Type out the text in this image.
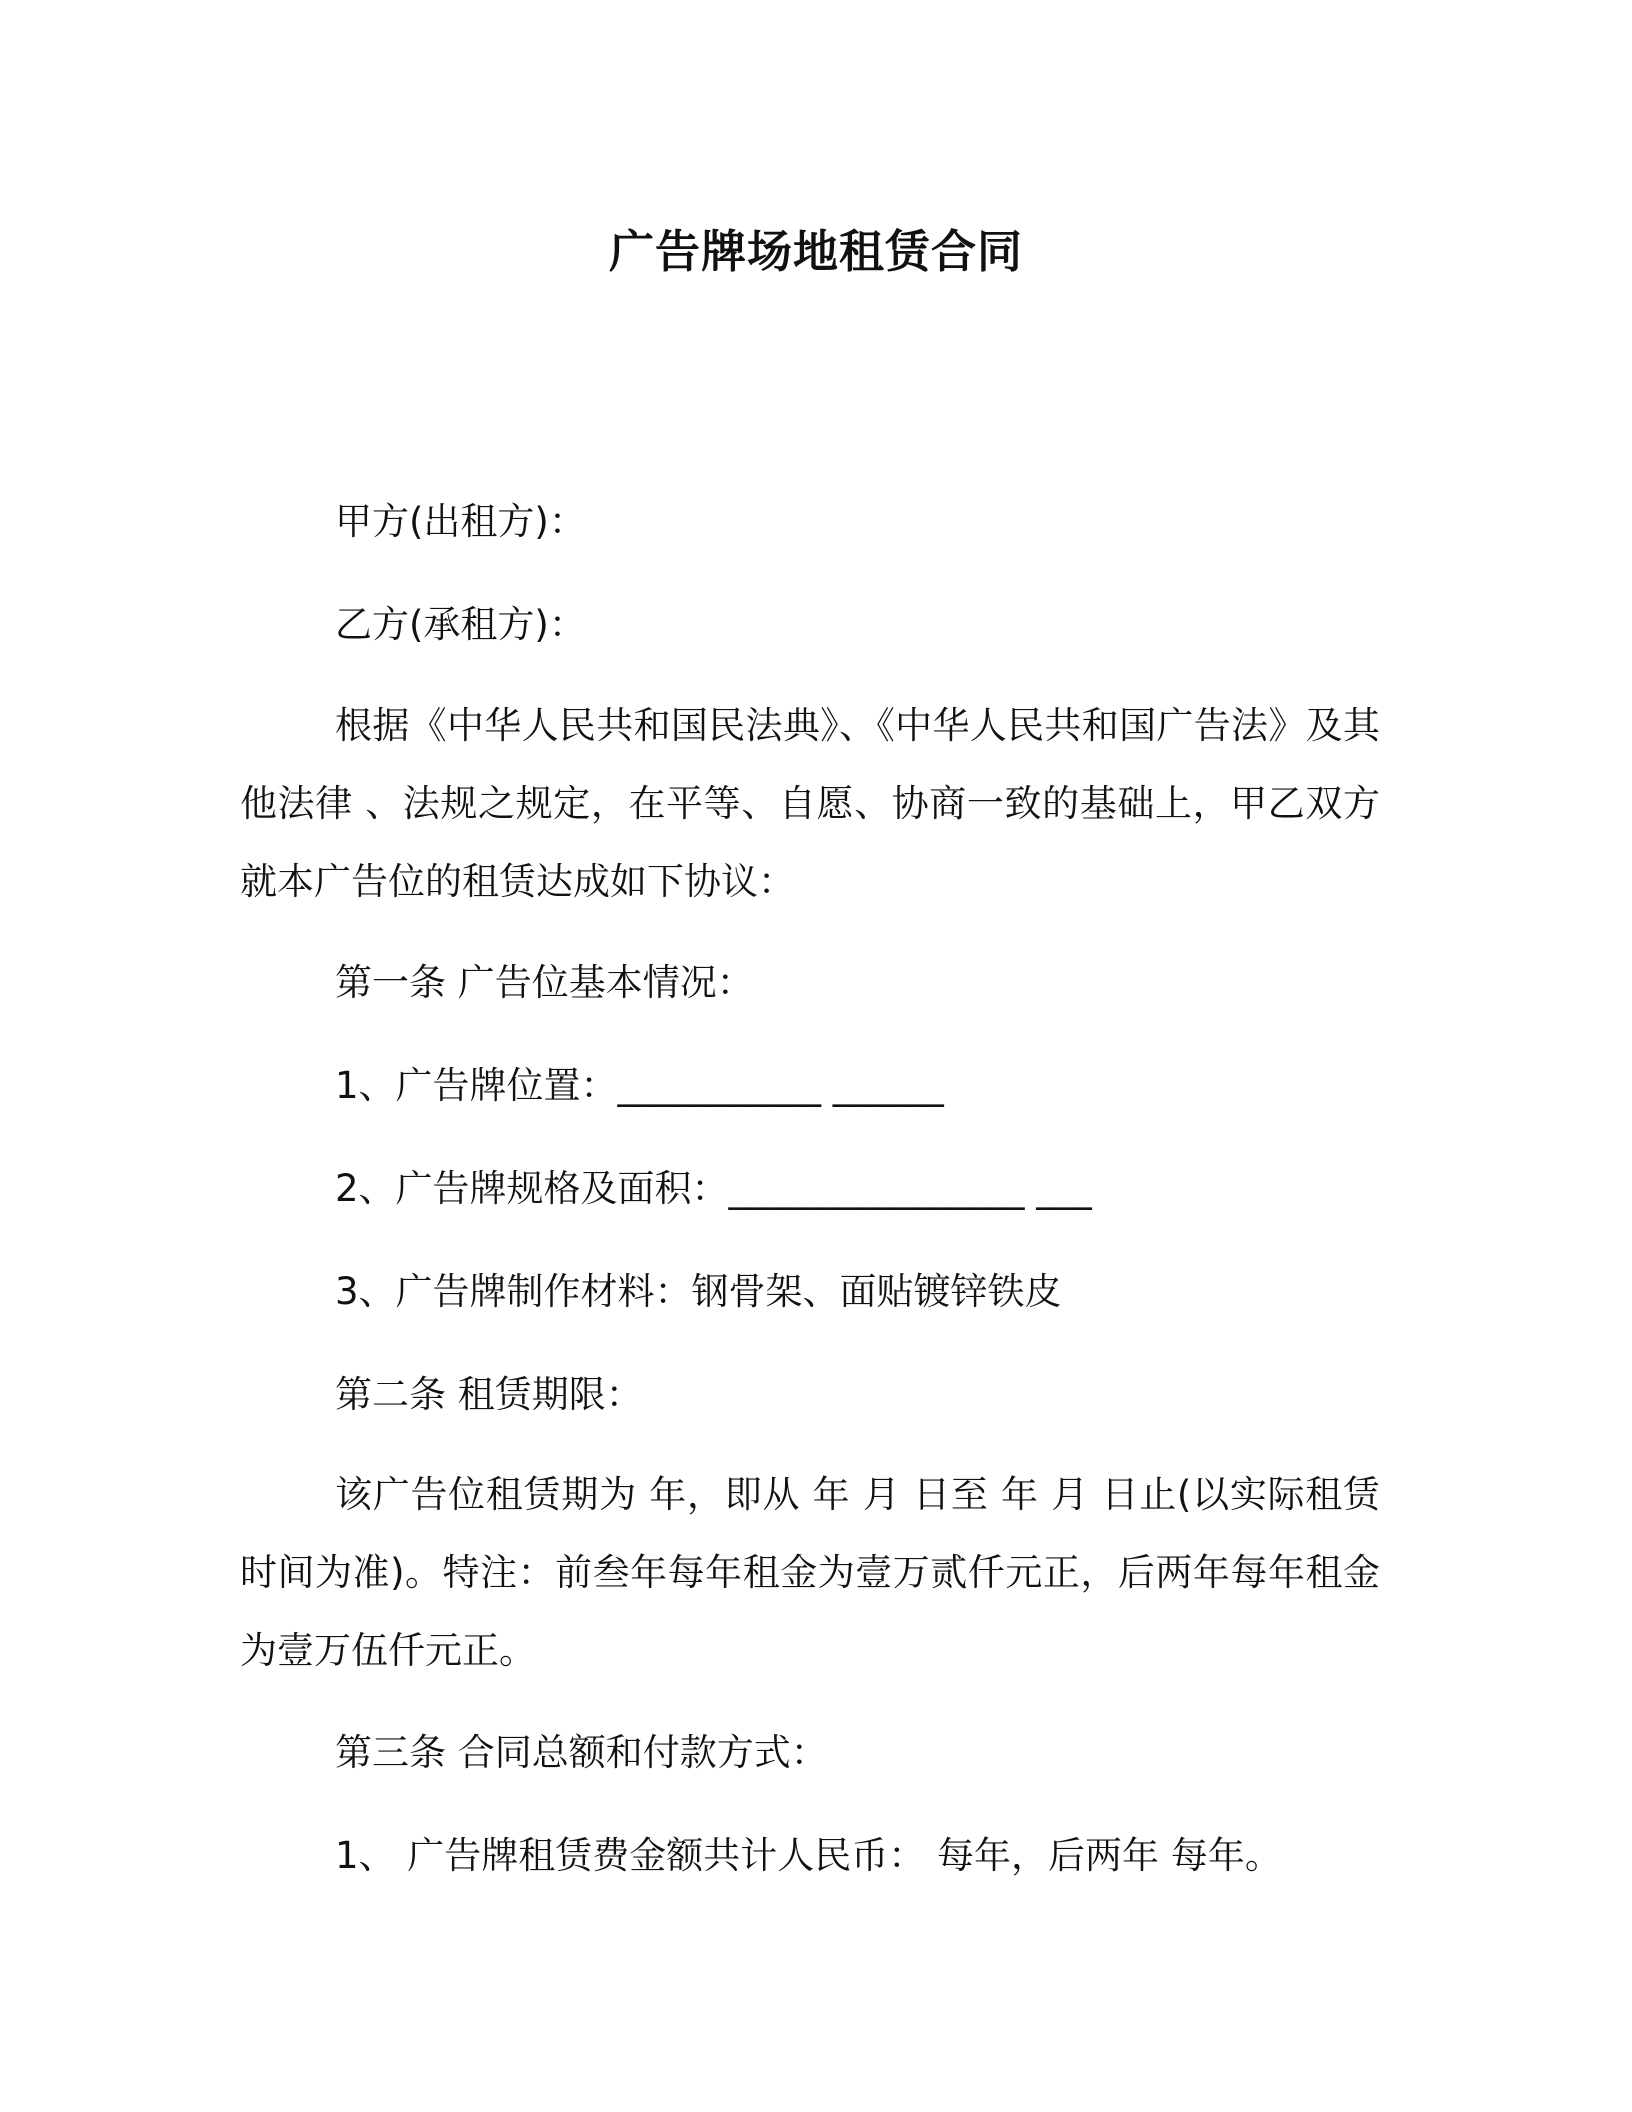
广告牌场地租赁合同
甲方(出租方)：
乙方(承租方)：
根据《中华人民共和国民法典》、《中华人民共和国广告法》及其他法律 、法规之规定，在平等、自愿、协商一致的基础上，甲乙双方就本广告位的租赁达成如下协议：
第一条 广告位基本情况：
1、广告牌位置：___________ ______
2、广告牌规格及面积：________________ ___
3、广告牌制作材料：钢骨架、面贴镀锌铁皮
第二条 租赁期限：
该广告位租赁期为 年，即从 年 月 日至 年 月 日止(以实际租赁时间为准)。特注：前叁年每年租金为壹万贰仟元正，后两年每年租金为壹万伍仟元正。
第三条 合同总额和付款方式：
1、 广告牌租赁费金额共计人民币： 每年，后两年 每年。
